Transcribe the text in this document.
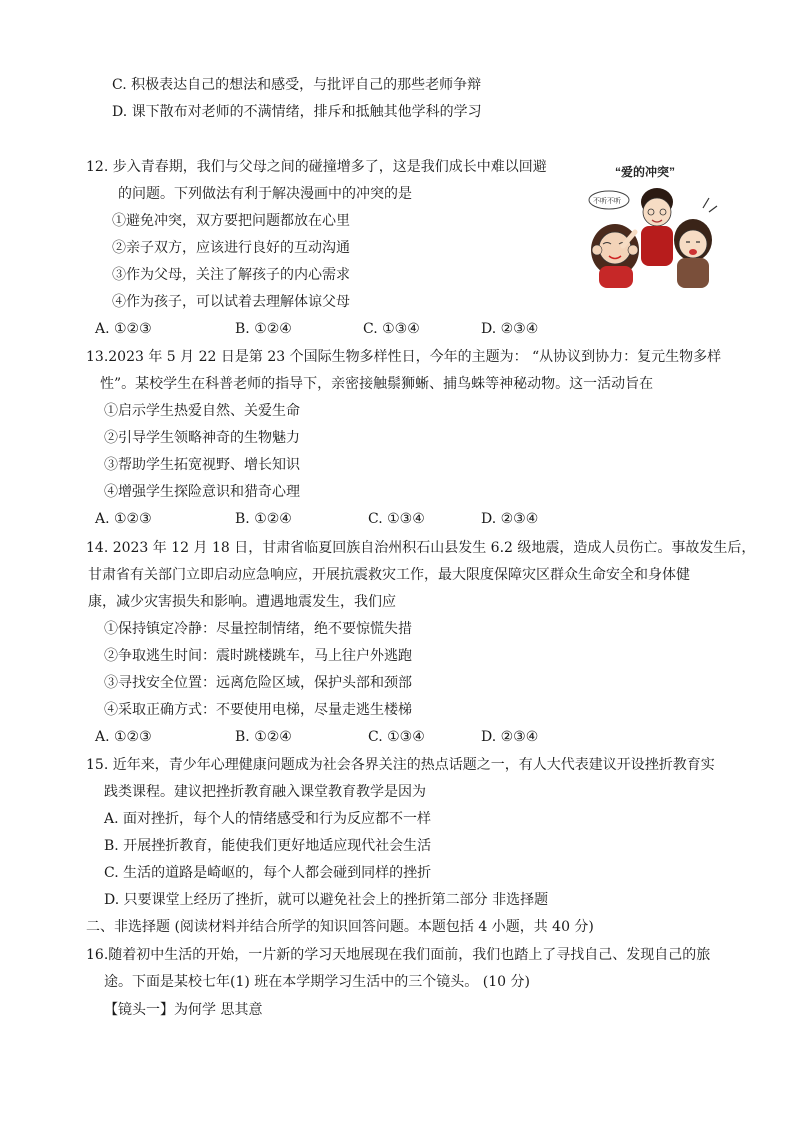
C. 积极表达自己的想法和感受，与批评自己的那些老师争辩
D. 课下散布对老师的不满情绪，排斥和抵触其他学科的学习
12. 步入青春期，我们与父母之间的碰撞增多了，这是我们成长中难以回避
的问题。下列做法有利于解决漫画中的冲突的是
①避免冲突，双方要把问题都放在心里
②亲子双方，应该进行良好的互动沟通
③作为父母，关注了解孩子的内心需求
④作为孩子，可以试着去理解体谅父母
A. ①②③	B. ①②④	C. ①③④	D. ②③④
“爱的冲突”
不听不听
13.2023 年 5 月 22 日是第 23 个国际生物多样性日，今年的主题为： “从协议到协力：复元生物多样
性”。某校学生在科普老师的指导下，亲密接触鬃狮蜥、捕鸟蛛等神秘动物。这一活动旨在
①启示学生热爱自然、关爱生命
②引导学生领略神奇的生物魅力
③帮助学生拓宽视野、增长知识
④增强学生探险意识和猎奇心理
A. ①②③	B. ①②④	C. ①③④	D. ②③④
14. 2023 年 12 月 18 日，甘肃省临夏回族自治州积石山县发生 6.2 级地震，造成人员伤亡。事故发生后，
甘肃省有关部门立即启动应急响应，开展抗震救灾工作，最大限度保障灾区群众生命安全和身体健
康，减少灾害损失和影响。遭遇地震发生，我们应
①保持镇定冷静：尽量控制情绪，绝不要惊慌失措
②争取逃生时间：震时跳楼跳车，马上往户外逃跑
③寻找安全位置：远离危险区域，保护头部和颈部
④采取正确方式：不要使用电梯，尽量走逃生楼梯
A. ①②③	B. ①②④	C. ①③④	D. ②③④
15. 近年来，青少年心理健康问题成为社会各界关注的热点话题之一，有人大代表建议开设挫折教育实
践类课程。建议把挫折教育融入课堂教育教学是因为
A. 面对挫折，每个人的情绪感受和行为反应都不一样
B. 开展挫折教育，能使我们更好地适应现代社会生活
C. 生活的道路是崎岖的，每个人都会碰到同样的挫折
D. 只要课堂上经历了挫折，就可以避免社会上的挫折第二部分 非选择题
二、非选择题 (阅读材料并结合所学的知识回答问题。本题包括 4 小题，共 40 分)
16.随着初中生活的开始，一片新的学习天地展现在我们面前，我们也踏上了寻找自己、发现自己的旅
途。下面是某校七年(1) 班在本学期学习生活中的三个镜头。 (10 分)
【镜头一】为何学 思其意
